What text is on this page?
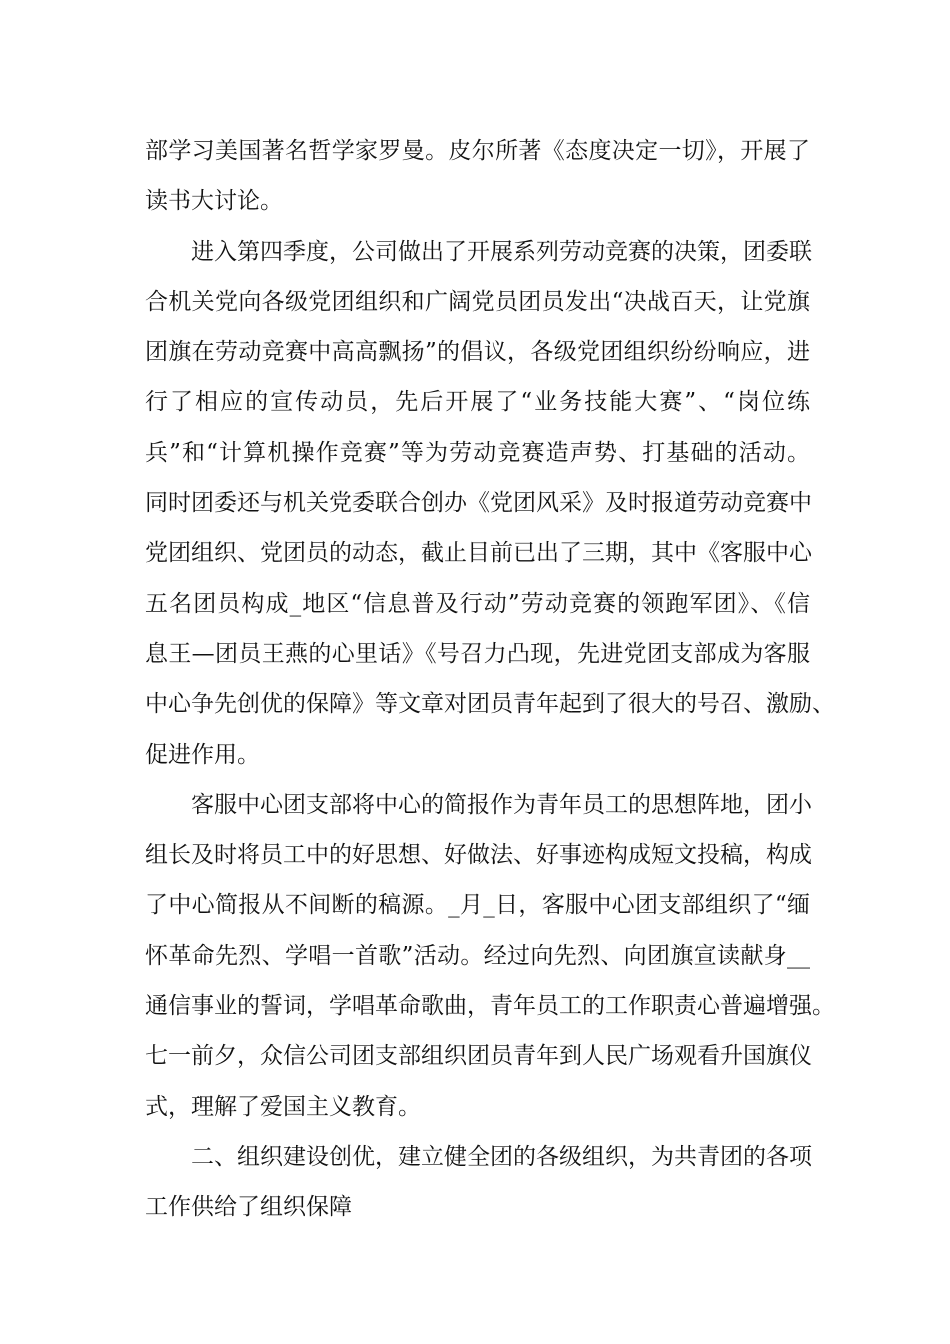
部学习美国著名哲学家罗曼。皮尔所著《态度决定一切》，开展了
读书大讨论。
进入第四季度，公司做出了开展系列劳动竞赛的决策，团委联
合机关党向各级党团组织和广阔党员团员发出“决战百天，让党旗
团旗在劳动竞赛中高高飘扬”的倡议，各级党团组织纷纷响应，进
行了相应的宣传动员，先后开展了“业务技能大赛”、“岗位练
兵”和“计算机操作竞赛”等为劳动竞赛造声势、打基础的活动。
同时团委还与机关党委联合创办《党团风采》及时报道劳动竞赛中
党团组织、党团员的动态，截止目前已出了三期，其中《客服中心
五名团员构成_地区“信息普及行动”劳动竞赛的领跑军团》、《信
息王—团员王燕的心里话》《号召力凸现，先进党团支部成为客服
中心争先创优的保障》等文章对团员青年起到了很大的号召、激励、
促进作用。
客服中心团支部将中心的简报作为青年员工的思想阵地，团小
组长及时将员工中的好思想、好做法、好事迹构成短文投稿，构成
了中心简报从不间断的稿源。_月_日，客服中心团支部组织了“缅
怀革命先烈、学唱一首歌”活动。经过向先烈、向团旗宣读献身__
通信事业的誓词，学唱革命歌曲，青年员工的工作职责心普遍增强。
七一前夕，众信公司团支部组织团员青年到人民广场观看升国旗仪
式，理解了爱国主义教育。
二、组织建设创优，建立健全团的各级组织，为共青团的各项
工作供给了组织保障
